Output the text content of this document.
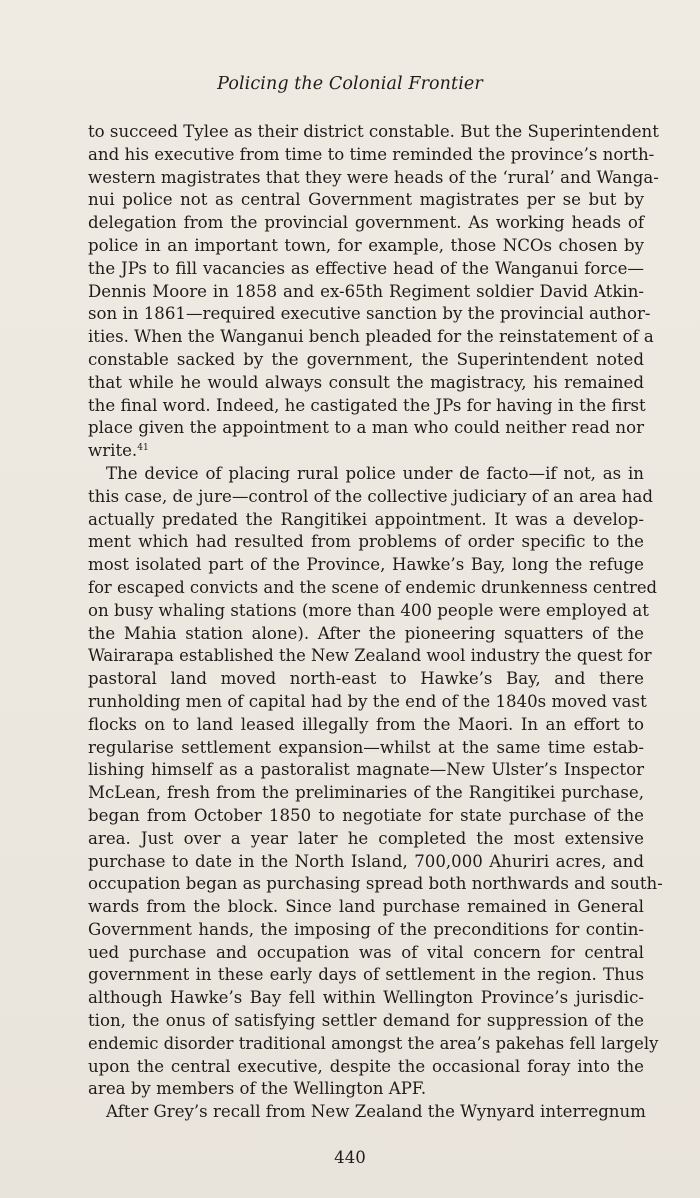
Policing the Colonial Frontier
to succeed Tylee as their district constable. But the Superintendent
and his executive from time to time reminded the province’s north-
western magistrates that they were heads of the ‘rural’ and Wanga-
nui police not as central Government magistrates per se but by
delegation from the provincial government. As working heads of
police in an important town, for example, those NCOs chosen by
the JPs to fill vacancies as effective head of the Wanganui force—
Dennis Moore in 1858 and ex-65th Regiment soldier David Atkin-
son in 1861—required executive sanction by the provincial author-
ities. When the Wanganui bench pleaded for the reinstatement of a
constable sacked by the government, the Superintendent noted
that while he would always consult the magistracy, his remained
the final word. Indeed, he castigated the JPs for having in the first
place given the appointment to a man who could neither read nor
write.$^{41}$
The device of placing rural police under de facto—if not, as in
this case, de jure—control of the collective judiciary of an area had
actually predated the Rangitikei appointment. It was a develop-
ment which had resulted from problems of order specific to the
most isolated part of the Province, Hawke’s Bay, long the refuge
for escaped convicts and the scene of endemic drunkenness centred
on busy whaling stations (more than 400 people were employed at
the Mahia station alone). After the pioneering squatters of the
Wairarapa established the New Zealand wool industry the quest for
pastoral land moved north-east to Hawke’s Bay, and there
runholding men of capital had by the end of the 1840s moved vast
flocks on to land leased illegally from the Maori. In an effort to
regularise settlement expansion—whilst at the same time estab-
lishing himself as a pastoralist magnate—New Ulster’s Inspector
McLean, fresh from the preliminaries of the Rangitikei purchase,
began from October 1850 to negotiate for state purchase of the
area. Just over a year later he completed the most extensive
purchase to date in the North Island, 700,000 Ahuriri acres, and
occupation began as purchasing spread both northwards and south-
wards from the block. Since land purchase remained in General
Government hands, the imposing of the preconditions for contin-
ued purchase and occupation was of vital concern for central
government in these early days of settlement in the region. Thus
although Hawke’s Bay fell within Wellington Province’s jurisdic-
tion, the onus of satisfying settler demand for suppression of the
endemic disorder traditional amongst the area’s pakehas fell largely
upon the central executive, despite the occasional foray into the
area by members of the Wellington APF.
After Grey’s recall from New Zealand the Wynyard interregnum
440
